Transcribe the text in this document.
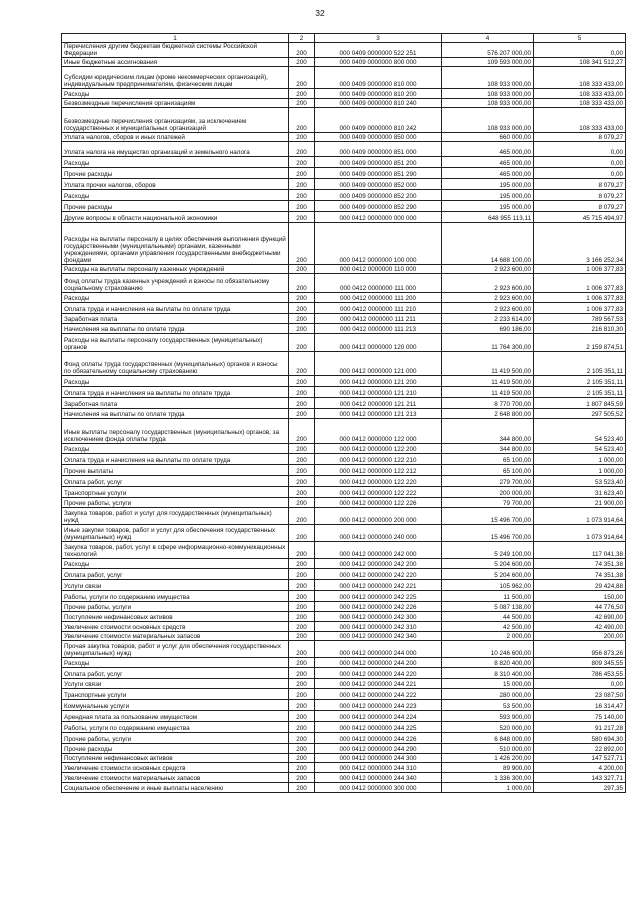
32
1	2	3	4	5
Перечисления другим бюджетам бюджетной системы Российской Федерации	200	000 0409 0000000 522 251	576 207 000,00	0,00
Иные бюджетные ассигнования	200	000 0409 0000000 800 000	109 593 000,00	108 341 512,27
Субсидии юридическим лицам (кроме некоммерческих организаций), индивидуальным предпринимателям, физическим лицам	200	000 0409 0000000 810 000	108 933 000,00	108 333 433,00
Расходы	200	000 0409 0000000 810 200	108 933 000,00	108 333 433,00
Безвозмездные перечисления организациям	200	000 0409 0000000 810 240	108 933 000,00	108 333 433,00
Безвозмездные перечисления организациям, за исключением государственных и муниципальных организаций	200	000 0409 0000000 810 242	108 933 000,00	108 333 433,00
Уплата налогов, сборов и иных платежей	200	000 0409 0000000 850 000	660 000,00	8 079,27
Уплата налога на имущество организаций и земельного налога	200	000 0409 0000000 851 000	465 000,00	0,00
Расходы	200	000 0409 0000000 851 200	465 000,00	0,00
Прочие расходы	200	000 0409 0000000 851 290	465 000,00	0,00
Уплата прочих налогов, сборов	200	000 0409 0000000 852 000	195 000,00	8 079,27
Расходы	200	000 0409 0000000 852 200	195 000,00	8 079,27
Прочие расходы	200	000 0409 0000000 852 290	195 000,00	8 079,27
Другие вопросы в области национальной экономики	200	000 0412 0000000 000 000	648 955 113,11	45 715 494,97
Расходы на выплаты персоналу в целях обеспечения выполнения функций государственными (муниципальными) органами, казенными учреждениями, органами управления государственными внебюджетными фондами	200	000 0412 0000000 100 000	14 688 100,00	3 166 252,34
Расходы на выплаты персоналу казенных учреждений	200	000 0412 0000000 110 000	2 923 600,00	1 006 377,83
Фонд оплаты труда казенных учреждений и взносы по обязательному социальному страхованию	200	000 0412 0000000 111 000	2 923 600,00	1 006 377,83
Расходы	200	000 0412 0000000 111 200	2 923 600,00	1 006 377,83
Оплата труда и начисления на выплаты по оплате труда	200	000 0412 0000000 111 210	2 923 600,00	1 006 377,83
Заработная плата	200	000 0412 0000000 111 211	2 233 614,00	789 567,53
Начисления на выплаты по оплате труда	200	000 0412 0000000 111 213	690 186,00	216 810,30
Расходы на выплаты персоналу государственных (муниципальных) органов	200	000 0412 0000000 120 000	11 764 300,00	2 159 874,51
Фонд оплаты труда государственных (муниципальных) органов и взносы по обязательному социальному страхованию	200	000 0412 0000000 121 000	11 419 500,00	2 105 351,11
Расходы	200	000 0412 0000000 121 200	11 419 500,00	2 105 351,11
Оплата труда и начисления на выплаты по оплате труда	200	000 0412 0000000 121 210	11 419 500,00	2 105 351,11
Заработная плата	200	000 0412 0000000 121 211	8 770 700,00	1 807 845,59
Начисления на выплаты по оплате труда	200	000 0412 0000000 121 213	2 648 800,00	297 505,52
Иные выплаты персоналу государственных (муниципальных) органов, за исключением фонда оплаты труда	200	000 0412 0000000 122 000	344 800,00	54 523,40
Расходы	200	000 0412 0000000 122 200	344 800,00	54 523,40
Оплата труда и начисления на выплаты по оплате труда	200	000 0412 0000000 122 210	65 100,00	1 000,00
Прочие выплаты	200	000 0412 0000000 122 212	65 100,00	1 000,00
Оплата работ, услуг	200	000 0412 0000000 122 220	279 700,00	53 523,40
Транспортные услуги	200	000 0412 0000000 122 222	200 000,00	31 623,40
Прочие работы, услуги	200	000 0412 0000000 122 226	79 700,00	21 900,00
Закупка товаров, работ и услуг для государственных (муниципальных) нужд	200	000 0412 0000000 200 000	15 496 700,00	1 073 914,64
Иные закупки товаров, работ и услуг для обеспечения государственных (муниципальных) нужд	200	000 0412 0000000 240 000	15 496 700,00	1 073 914,64
Закупка товаров, работ, услуг в сфере информационно-коммуникационных технологий	200	000 0412 0000000 242 000	5 249 100,00	117 041,38
Расходы	200	000 0412 0000000 242 200	5 204 600,00	74 351,38
Оплата работ, услуг	200	000 0412 0000000 242 220	5 204 600,00	74 351,38
Услуги связи	200	000 0412 0000000 242 221	105 962,00	29 424,88
Работы, услуги по содержанию имущества	200	000 0412 0000000 242 225	11 500,00	150,00
Прочие работы, услуги	200	000 0412 0000000 242 226	5 087 138,00	44 776,50
Поступление нефинансовых активов	200	000 0412 0000000 242 300	44 500,00	42 690,00
Увеличение стоимости основных средств	200	000 0412 0000000 242 310	42 500,00	42 490,00
Увеличение стоимости материальных запасов	200	000 0412 0000000 242 340	2 000,00	200,00
Прочая закупка товаров, работ и услуг для обеспечения государственных (муниципальных) нужд	200	000 0412 0000000 244 000	10 246 600,00	956 873,26
Расходы	200	000 0412 0000000 244 200	8 820 400,00	809 345,55
Оплата работ, услуг	200	000 0412 0000000 244 220	8 310 400,00	786 453,55
Услуги связи	200	000 0412 0000000 244 221	15 000,00	0,00
Транспортные услуги	200	000 0412 0000000 244 222	280 000,00	23 087,50
Коммунальные услуги	200	000 0412 0000000 244 223	53 500,00	16 314,47
Арендная плата за пользование имуществом	200	000 0412 0000000 244 224	593 900,00	75 140,00
Работы, услуги по содержанию имущества	200	000 0412 0000000 244 225	520 000,00	91 217,28
Прочие работы, услуги	200	000 0412 0000000 244 226	6 848 000,00	580 694,30
Прочие расходы	200	000 0412 0000000 244 290	510 000,00	22 892,00
Поступление нефинансовых активов	200	000 0412 0000000 244 300	1 426 200,00	147 527,71
Увеличение стоимости основных средств	200	000 0412 0000000 244 310	89 900,00	4 200,00
Увеличение стоимости материальных запасов	200	000 0412 0000000 244 340	1 336 300,00	143 327,71
Социальное обеспечение и иные выплаты населению	200	000 0412 0000000 300 000	1 000,00	297,35
